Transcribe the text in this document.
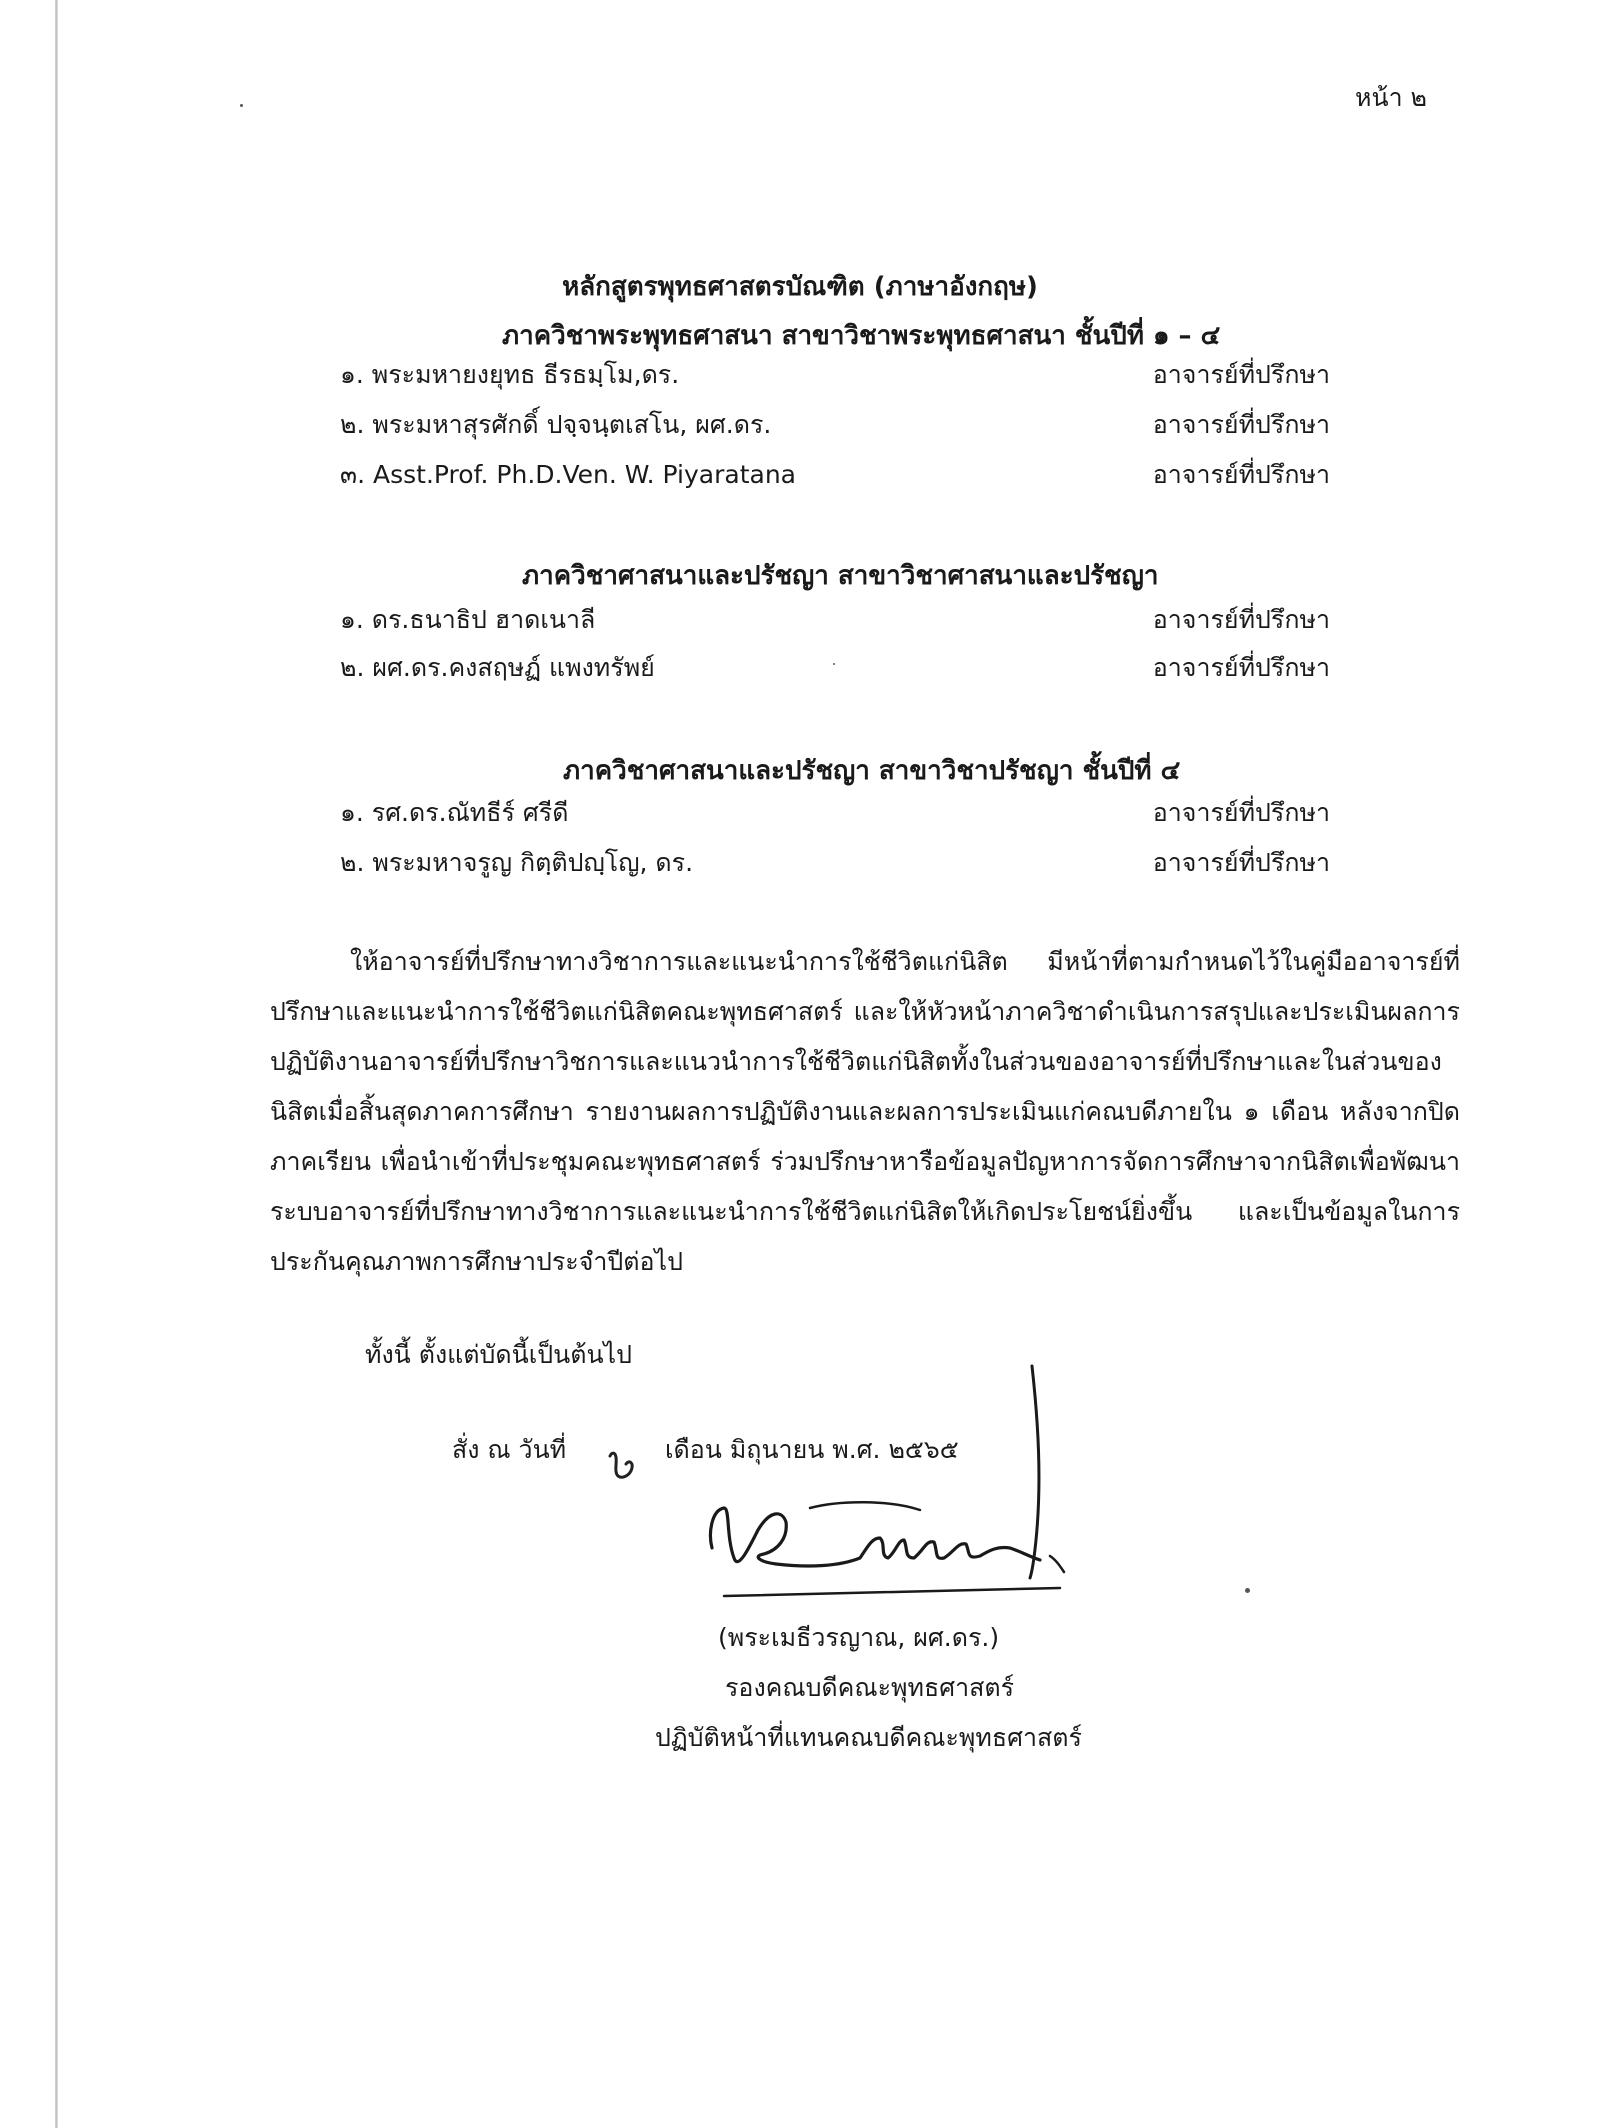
หน้า ๒
หลักสูตรพุทธศาสตรบัณฑิต (ภาษาอังกฤษ)
ภาควิชาพระพุทธศาสนา สาขาวิชาพระพุทธศาสนา ชั้นปีที่ ๑ – ๔
๑. พระมหายงยุทธ ธีรธมฺโม,ดร.	อาจารย์ที่ปรึกษา
๒. พระมหาสุรศักดิ์ ปจฺจนฺตเสโน, ผศ.ดร.	อาจารย์ที่ปรึกษา
๓. Asst.Prof. Ph.D.Ven. W. Piyaratana	อาจารย์ที่ปรึกษา
ภาควิชาศาสนาและปรัชญา สาขาวิชาศาสนาและปรัชญา
๑. ดร.ธนาธิป ฮาดเนาลี	อาจารย์ที่ปรึกษา
๒. ผศ.ดร.คงสฤษฏ์ แพงทรัพย์	อาจารย์ที่ปรึกษา
ภาควิชาศาสนาและปรัชญา สาขาวิชาปรัชญา ชั้นปีที่ ๔
๑. รศ.ดร.ณัทธีร์ ศรีดี	อาจารย์ที่ปรึกษา
๒. พระมหาจรูญ กิตฺติปญฺโญ, ดร.	อาจารย์ที่ปรึกษา
ให้อาจารย์ที่ปรึกษาทางวิชาการและแนะนำการใช้ชีวิตแก่นิสิต มีหน้าที่ตามกำหนดไว้ในคู่มืออาจารย์ที่
ปรึกษาและแนะนำการใช้ชีวิตแก่นิสิตคณะพุทธศาสตร์ และให้หัวหน้าภาควิชาดำเนินการสรุปและประเมินผลการ
ปฏิบัติงานอาจารย์ที่ปรึกษาวิชการและแนวนำการใช้ชีวิตแก่นิสิตทั้งในส่วนของอาจารย์ที่ปรึกษาและในส่วนของ
นิสิตเมื่อสิ้นสุดภาคการศึกษา รายงานผลการปฏิบัติงานและผลการประเมินแก่คณบดีภายใน ๑ เดือน หลังจากปิด
ภาคเรียน เพื่อนำเข้าที่ประชุมคณะพุทธศาสตร์ ร่วมปรึกษาหารือข้อมูลปัญหาการจัดการศึกษาจากนิสิตเพื่อพัฒนา
ระบบอาจารย์ที่ปรึกษาทางวิชาการและแนะนำการใช้ชีวิตแก่นิสิตให้เกิดประโยชน์ยิ่งขึ้น และเป็นข้อมูลในการ
ประกันคุณภาพการศึกษาประจำปีต่อไป
ทั้งนี้ ตั้งแต่บัดนี้เป็นต้นไป
สั่ง ณ วันที่	เดือน มิถุนายน พ.ศ. ๒๕๖๕
(พระเมธีวรญาณ, ผศ.ดร.)
รองคณบดีคณะพุทธศาสตร์
ปฏิบัติหน้าที่แทนคณบดีคณะพุทธศาสตร์
